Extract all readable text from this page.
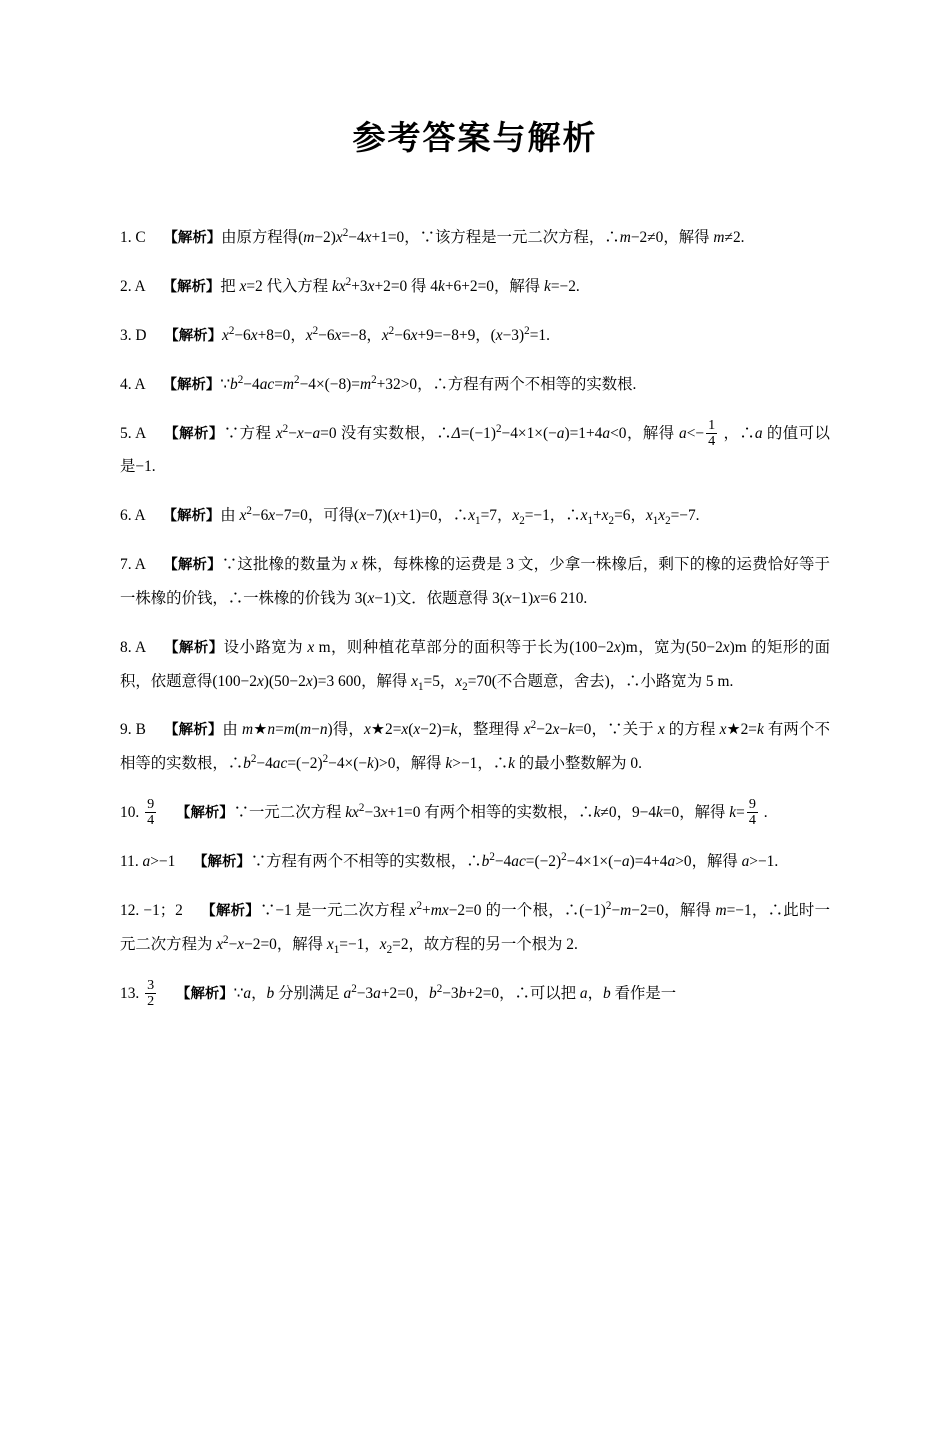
参考答案与解析

1. C 【解析】由原方程得$(m-2)x^2-4x+1=0$，∵该方程是一元二次方程，∴m−2≠0，解得 m≠2.

2. A 【解析】把 x=2 代入方程 $kx^2+3x+2=0$ 得 4k+6+2=0，解得 k=−2.

3. D 【解析】$x^2-6x+8=0$，$x^2-6x=-8$，$x^2-6x+9=-8+9$，$(x-3)^2=1$.

4. A 【解析】$\because b^2-4ac=m^2-4\times(-8)=m^2+32>0$，∴方程有两个不相等的实数根.

5. A 【解析】∵方程 $x^2-x-a=0$ 没有实数根，$\therefore\Delta=(-1)^2-4\times 1\times(-a)=1+4a<0$，解得 $a<- \frac{1}{4}$ ，∴a 的值可以是−1.

6. A 【解析】由 $x^2-6x-7=0$，可得(x−7)(x+1)=0，$\therefore x_1=7$，$x_2=-1$，$\therefore x_1+x_2=6$，$x_1x_2=-7$.

7. A 【解析】∵这批橡的数量为 x 株，每株橡的运费是 3 文，少拿一株橡后，剩下的橡的运费恰好等于一株橡的价钱，∴一株橡的价钱为 3(x−1)文．依题意得 3(x−1)x=6 210.

8. A 【解析】设小路宽为 x m，则种植花草部分的面积等于长为(100−2x)m，宽为(50−2x)m 的矩形的面积，依题意得(100−2x)(50−2x)=3 600，解得 $x_1=5$，$x_2=70$(不合题意，舍去)，∴小路宽为 5 m.

9. B 【解析】由 m★n=m(m−n)得，x★2=x(x−2)=k，整理得 $x^2-2x-k=0$，∵关于 x 的方程 x★2=k 有两个不相等的实数根，$\therefore b^2-4ac=(-2)^2-4\times(-k)>0$，解得 k>−1，∴k 的最小整数解为 0.

10. $\frac{9}{4}$ 【解析】∵一元二次方程 $kx^2-3x+1=0$ 有两个相等的实数根，∴k≠0，9−4k=0，解得 $k= \frac{9}{4}$ .

11. a>−1 【解析】∵方程有两个不相等的实数根，$\therefore b^2-4ac=(-2)^2-4\times 1\times(-a)=4+4a>0$，解得 a>−1.

12. −1；2 【解析】∵−1 是一元二次方程 $x^2+mx-2=0$ 的一个根，$\therefore(-1)^2-m-2=0$，解得 m=−1，∴此时一元二次方程为 $x^2-x-2=0$，解得 $x_1=-1$，$x_2=2$，故方程的另一个根为 2.

13. $\frac{3}{2}$ 【解析】∵a，b 分别满足 $a^2-3a+2=0$，$b^2-3b+2=0$，∴可以把 a，b 看作是一
